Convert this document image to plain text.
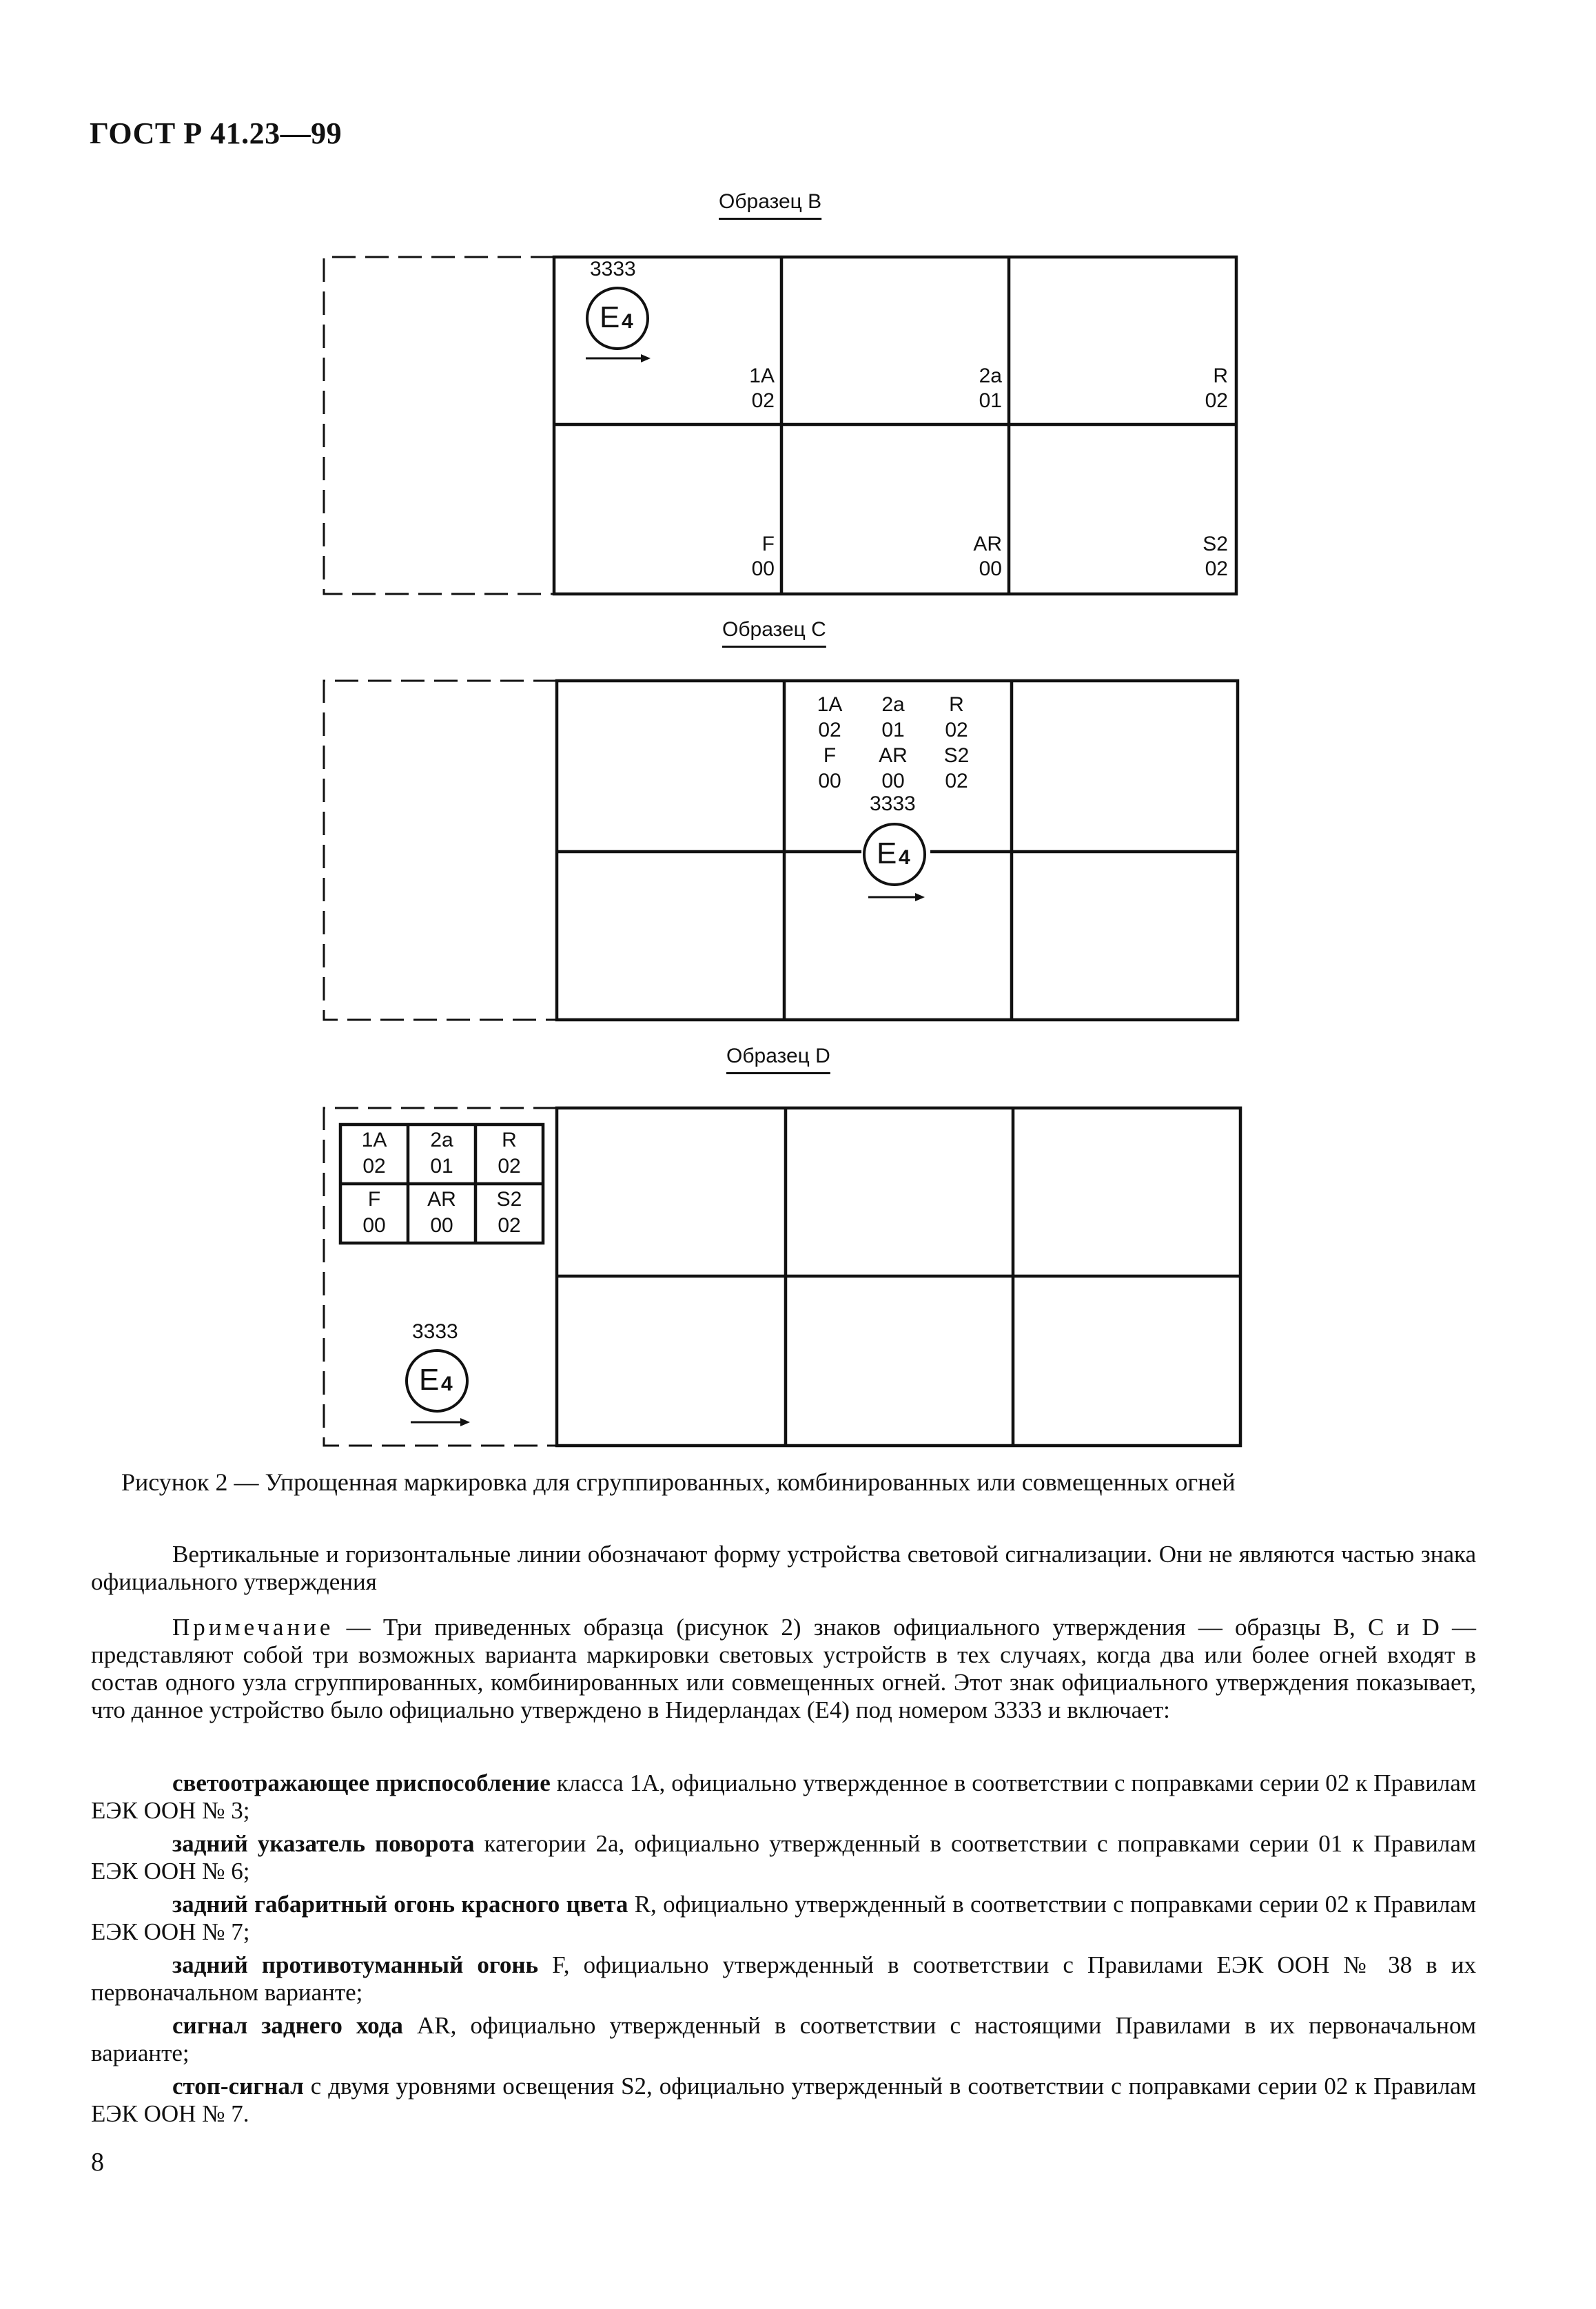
ГОСТ Р 41.23—99
Образец B
3333
E 4
3333
E 4
3333
E 4
1A
02
2a
01
R
02
F
00
AR
00
S2
02
1A
02
F
00
2a
01
AR
00
R
02
S2
02
1A
02
2a
01
R
02
F
00
AR
00
S2
02
Образец C
Образец D
Рисунок 2 — Упрощенная маркировка для сгруппированных, комбинированных или совмещенных огней
Вертикальные и горизонтальные линии обозначают форму устройства световой сигнализации. Они не являются частью знака официального утверждения
Примечание — Три приведенных образца (рисунок 2) знаков официального утверждения — образцы B, C и D — представляют собой три возможных варианта маркировки световых устройств в тех случаях, когда два или более огней входят в состав одного узла сгруппированных, комбинированных или совмещенных огней. Этот знак официального утверждения показывает, что данное устройство было официально утверждено в Нидерландах (E4) под номером 3333 и включает:
светоотражающее приспособление класса 1A, официально утвержденное в соответствии с поправками серии 02 к Правилам ЕЭК ООН № 3;
задний указатель поворота категории 2a, официально утвержденный в соответствии с поправками серии 01 к Правилам ЕЭК ООН № 6;
задний габаритный огонь красного цвета R, официально утвержденный в соответствии с поправками серии 02 к Правилам ЕЭК ООН № 7;
задний противотуманный огонь F, официально утвержденный в соответствии с Правилами ЕЭК ООН № 38 в их первоначальном варианте;
сигнал заднего хода AR, официально утвержденный в соответствии с настоящими Правилами в их первоначальном варианте;
стоп-сигнал с двумя уровнями освещения S2, официально утвержденный в соответствии с поправками серии 02 к Правилам ЕЭК ООН № 7.
8
